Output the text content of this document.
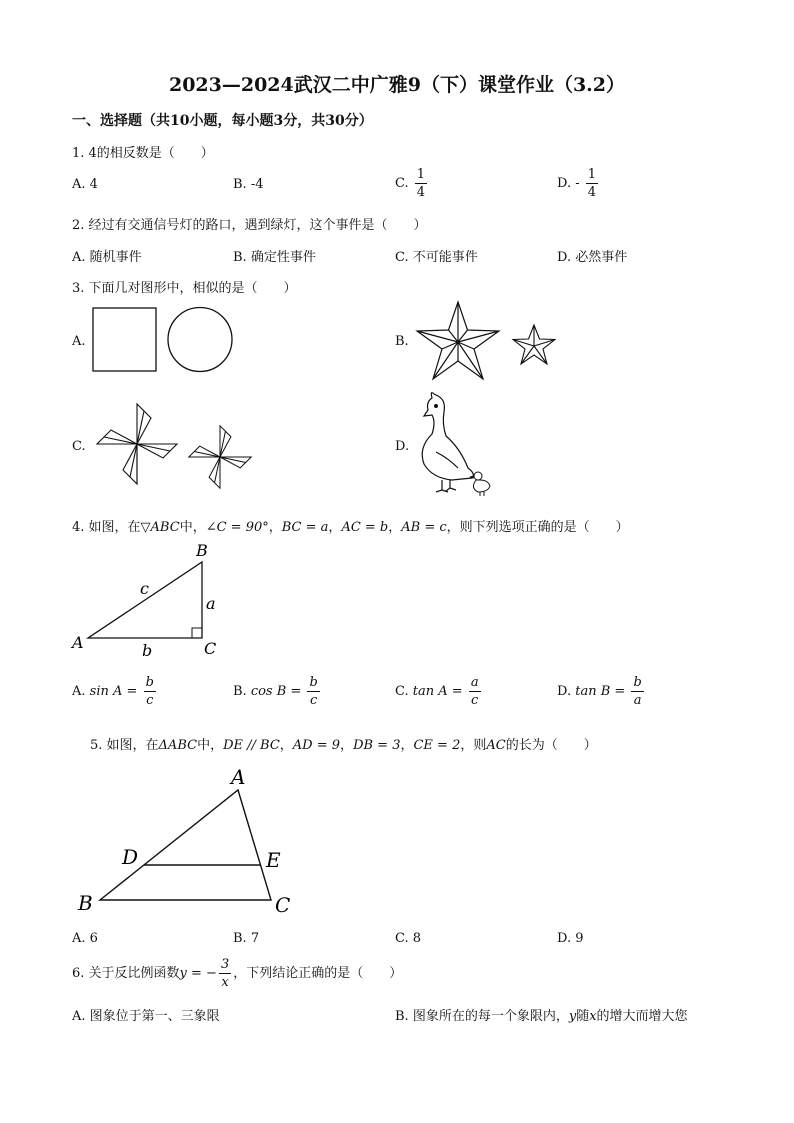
2023—2024武汉二中广雅9（下）课堂作业（3.2）
一、选择题（共10小题，每小题3分，共30分）
1. 4的相反数是（　　）
A. 4	B. -4	C. $\frac{1}{4}$	D. - $\frac{1}{4}$
2. 经过有交通信号灯的路口，遇到绿灯，这个事件是（　　）
A. 随机事件	B. 确定性事件	C. 不可能事件	D. 必然事件
3. 下面几对图形中，相似的是（　　）
A.	B.
C.	D.
4. 如图，在▽ABC中，∠C = 90°，BC = a，AC = b，AB = c，则下列选项正确的是（　　）
B
A	C
a
b
c
A. $\sin A = \frac{b}{c}$	B. $\cos B = \frac{b}{c}$	C. $\tan A = \frac{a}{c}$	D. $\tan B = \frac{b}{a}$
5. 如图，在ΔABC中，DE // BC，AD = 9，DB = 3，CE = 2，则AC的长为（　　）
A
B	C
D	E
A. 6	B. 7	C. 8	D. 9
6. 关于反比例函数y = − $\frac{3}{x}$ ，下列结论正确的是（　　）
A. 图象位于第一、三象限	B. 图象所在的每一个象限内，y随x的增大而增大您
